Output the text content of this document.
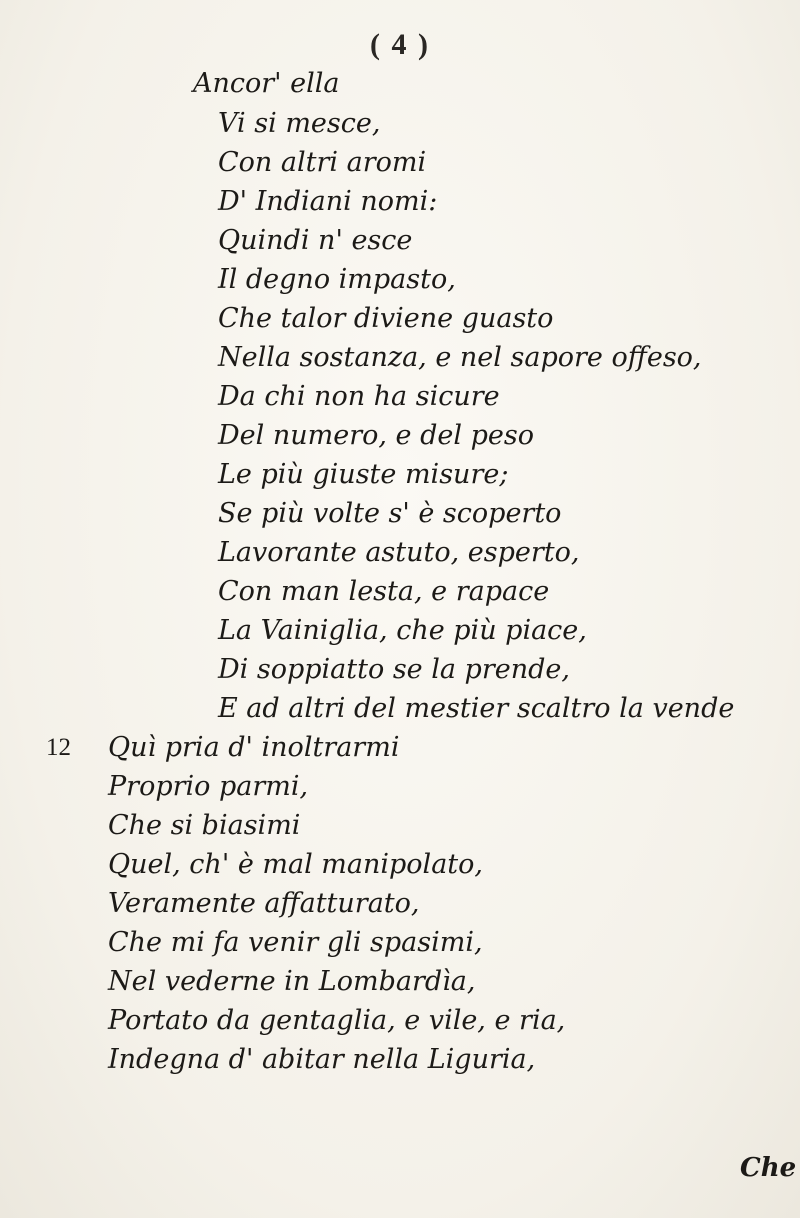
( 4 )
Ancor' ella
Vi si mesce,
Con altri aromi
D' Indiani nomi:
Quindi n' esce
Il degno impasto,
Che talor diviene guasto
Nella sostanza, e nel sapore offeso,
Da chi non ha sicure
Del numero, e del peso
Le più giuste misure;
Se più volte s' è scoperto
Lavorante astuto, esperto,
Con man lesta, e rapace
La Vainiglia, che più piace,
Di soppiatto se la prende,
E ad altri del mestier scaltro la vende
12 Quì pria d' inoltrarmi
Proprio parmi,
Che si biasimi
Quel, ch' è mal manipolato,
Veramente affatturato,
Che mi fa venir gli spasimi,
Nel vederne in Lombardìa,
Portato da gentaglia, e vile, e ria,
Indegna d' abitar nella Liguria,
Che
